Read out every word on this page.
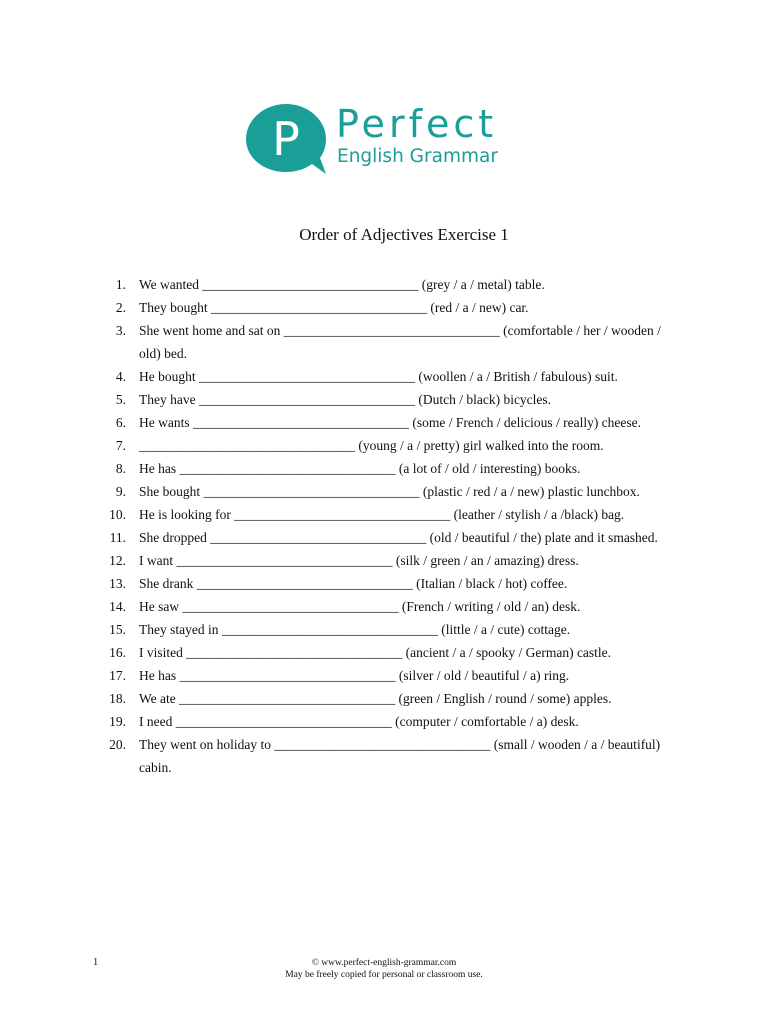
P Perfect
English Grammar
Order of Adjectives Exercise 1
1. We wanted ________________________________ (grey / a / metal) table.
2. They bought ________________________________ (red / a / new) car.
3. She went home and sat on ________________________________ (comfortable / her / wooden / old) bed.
4. He bought ________________________________ (woollen / a / British / fabulous) suit.
5. They have ________________________________ (Dutch / black) bicycles.
6. He wants ________________________________ (some / French / delicious / really) cheese.
7. ________________________________ (young / a / pretty) girl walked into the room.
8. He has ________________________________ (a lot of / old / interesting) books.
9. She bought ________________________________ (plastic / red / a / new) plastic lunchbox.
10. He is looking for ________________________________ (leather / stylish / a /black) bag.
11. She dropped ________________________________ (old / beautiful / the) plate and it smashed.
12. I want ________________________________ (silk / green / an / amazing) dress.
13. She drank ________________________________ (Italian / black / hot) coffee.
14. He saw ________________________________ (French / writing / old / an) desk.
15. They stayed in ________________________________ (little / a / cute) cottage.
16. I visited ________________________________ (ancient / a / spooky / German) castle.
17. He has ________________________________ (silver / old / beautiful / a) ring.
18. We ate ________________________________ (green / English / round / some) apples.
19. I need ________________________________ (computer / comfortable / a) desk.
20. They went on holiday to ________________________________ (small / wooden / a / beautiful) cabin.
1	© www.perfect-english-grammar.com
May be freely copied for personal or classroom use.
